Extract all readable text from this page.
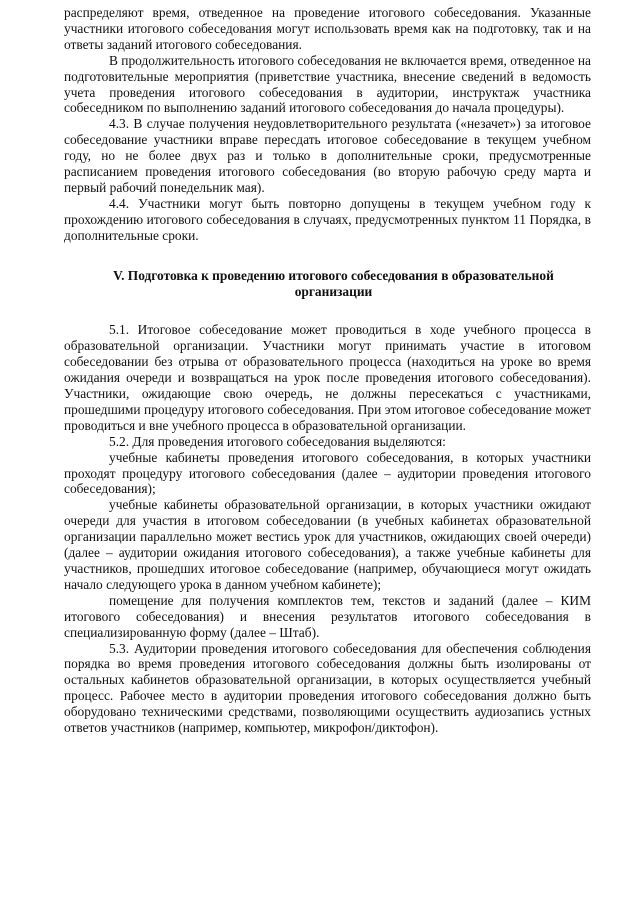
распределяют время, отведенное на проведение итогового собеседования. Указанные участники итогового собеседования могут использовать время как на подготовку, так и на ответы заданий итогового собеседования.

В продолжительность итогового собеседования не включается время, отведенное на подготовительные мероприятия (приветствие участника, внесение сведений в ведомость учета проведения итогового собеседования в аудитории, инструктаж участника собеседником по выполнению заданий итогового собеседования до начала процедуры).

4.3. В случае получения неудовлетворительного результата («незачет») за итоговое собеседование участники вправе пересдать итоговое собеседование в текущем учебном году, но не более двух раз и только в дополнительные сроки, предусмотренные расписанием проведения итогового собеседования (во вторую рабочую среду марта и первый рабочий понедельник мая).

4.4. Участники могут быть повторно допущены в текущем учебном году к прохождению итогового собеседования в случаях, предусмотренных пунктом 11 Порядка, в дополнительные сроки.

V. Подготовка к проведению итогового собеседования в образовательной организации

5.1. Итоговое собеседование может проводиться в ходе учебного процесса в образовательной организации. Участники могут принимать участие в итоговом собеседовании без отрыва от образовательного процесса (находиться на уроке во время ожидания очереди и возвращаться на урок после проведения итогового собеседования). Участники, ожидающие свою очередь, не должны пересекаться с участниками, прошедшими процедуру итогового собеседования. При этом итоговое собеседование может проводиться и вне учебного процесса в образовательной организации.

5.2. Для проведения итогового собеседования выделяются:

учебные кабинеты проведения итогового собеседования, в которых участники проходят процедуру итогового собеседования (далее – аудитории проведения итогового собеседования);

учебные кабинеты образовательной организации, в которых участники ожидают очереди для участия в итоговом собеседовании (в учебных кабинетах образовательной организации параллельно может вестись урок для участников, ожидающих своей очереди) (далее – аудитории ожидания итогового собеседования), а также учебные кабинеты для участников, прошедших итоговое собеседование (например, обучающиеся могут ожидать начало следующего урока в данном учебном кабинете);

помещение для получения комплектов тем, текстов и заданий (далее – КИМ итогового собеседования) и внесения результатов итогового собеседования в специализированную форму (далее – Штаб).

5.3. Аудитории проведения итогового собеседования для обеспечения соблюдения порядка во время проведения итогового собеседования должны быть изолированы от остальных кабинетов образовательной организации, в которых осуществляется учебный процесс. Рабочее место в аудитории проведения итогового собеседования должно быть оборудовано техническими средствами, позволяющими осуществить аудиозапись устных ответов участников (например, компьютер, микрофон/диктофон).
